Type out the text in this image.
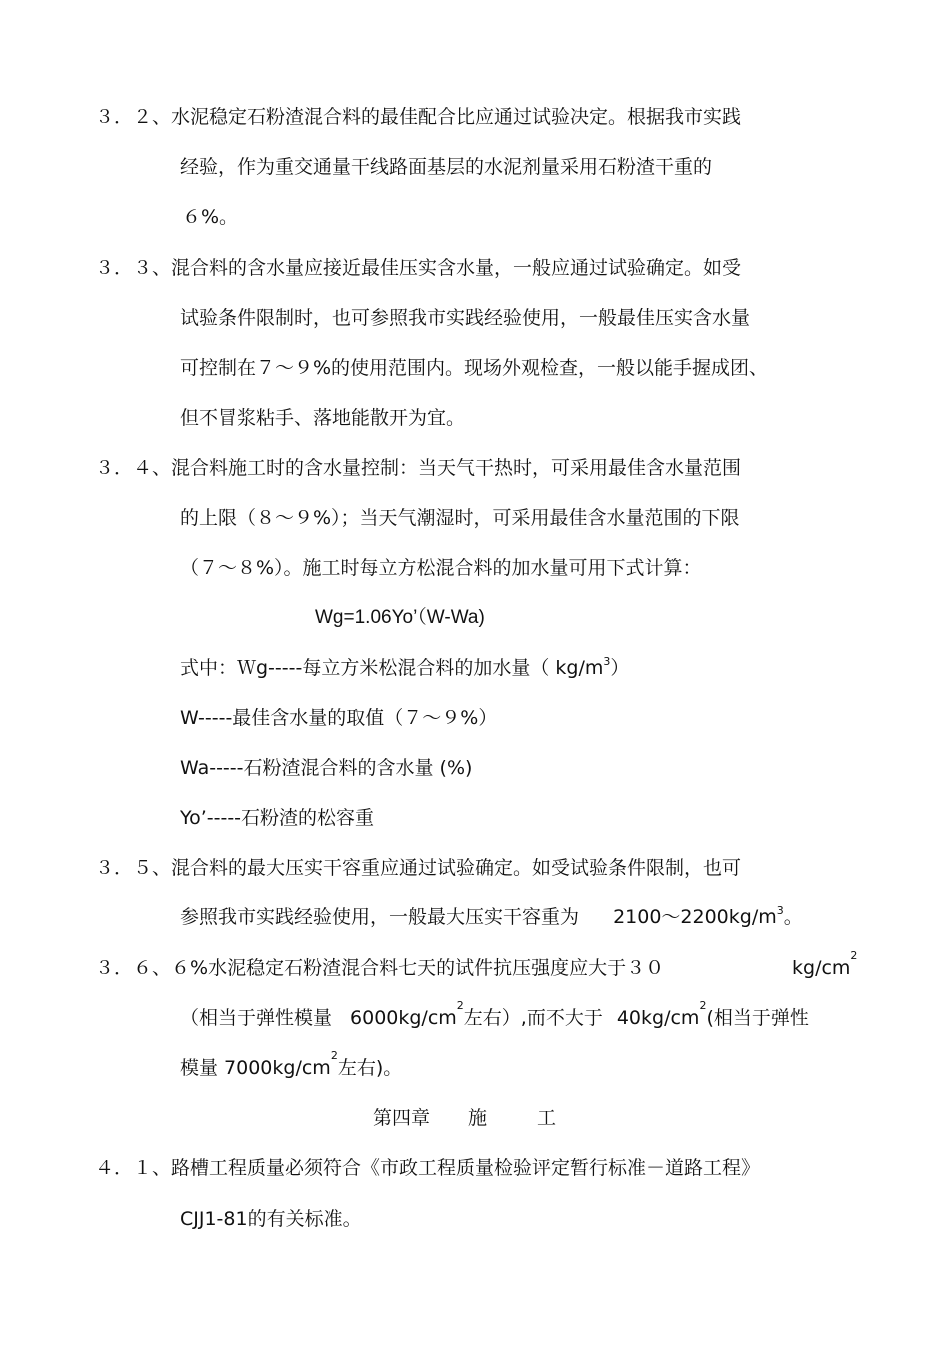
３．２、水泥稳定石粉渣混合料的最佳配合比应通过试验决定。根据我市实践
经验，作为重交通量干线路面基层的水泥剂量采用石粉渣干重的
６%。
３．３、混合料的含水量应接近最佳压实含水量，一般应通过试验确定。如受
试验条件限制时，也可参照我市实践经验使用，一般最佳压实含水量
可控制在７～９%的使用范围内。现场外观检查，一般以能手握成团、
但不冒浆粘手、落地能散开为宜。
３．４、混合料施工时的含水量控制：当天气干热时，可采用最佳含水量范围
的上限（８～９%）；当天气潮湿时，可采用最佳含水量范围的下限
（７～８%）。施工时每立方松混合料的加水量可用下式计算：
Wg=1.06Yo’（W-Wa)
式中：Ｗg-----每立方米松混合料的加水量（ $kg/m^3$）
W-----最佳含水量的取值（７～９%）
Wa-----石粉渣混合料的含水量 (%)
Yo’-----石粉渣的松容重
３．５、混合料的最大压实干容重应通过试验确定。如受试验条件限制，也可
参照我市实践经验使用，一般最大压实干容重为 $2100\sim 2200kg/m^3$。
３．６、６%水泥稳定石粉渣混合料七天的试件抗压强度应大于３０	$kg/cm^2$
（相当于弹性模量 $6000kg/cm^2$左右）,而不大于 $40kg/cm^2$(相当于弹性
模量 $7000kg/cm^2$左右)。
第四章 施	工
４．１、路槽工程质量必须符合《市政工程质量检验评定暂行标准－道路工程》
CJJ1-81的有关标准。
